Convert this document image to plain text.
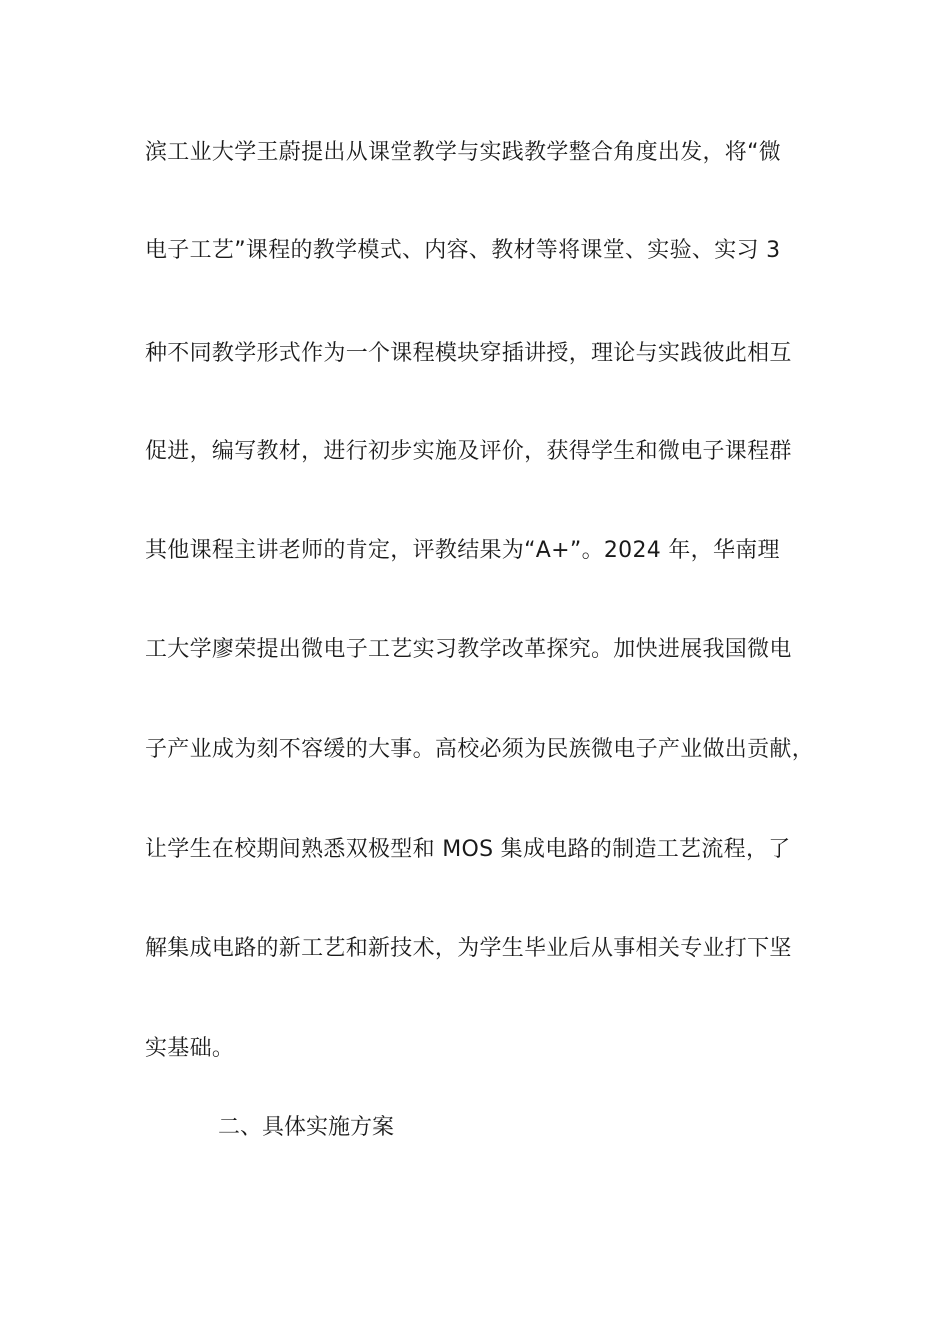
滨工业大学王蔚提出从课堂教学与实践教学整合角度出发，将“微
电子工艺”课程的教学模式、内容、教材等将课堂、实验、实习 3
种不同教学形式作为一个课程模块穿插讲授，理论与实践彼此相互
促进，编写教材，进行初步实施及评价，获得学生和微电子课程群
其他课程主讲老师的肯定，评教结果为“A+”。2024 年，华南理
工大学廖荣提出微电子工艺实习教学改革探究。加快进展我国微电
子产业成为刻不容缓的大事。高校必须为民族微电子产业做出贡献，
让学生在校期间熟悉双极型和 MOS 集成电路的制造工艺流程，了
解集成电路的新工艺和新技术，为学生毕业后从事相关专业打下坚
实基础。
二、具体实施方案
